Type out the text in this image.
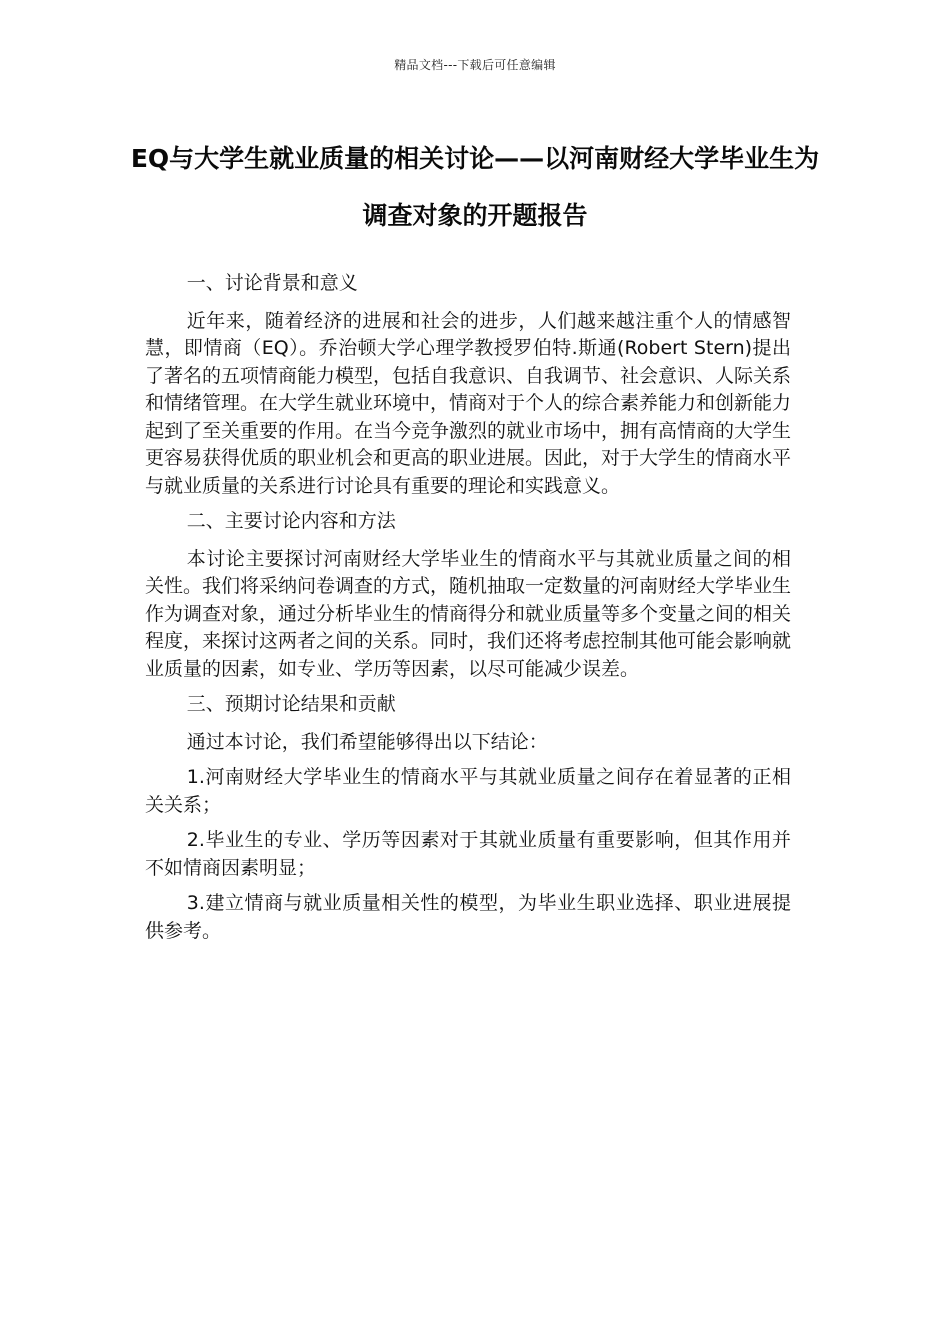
精品文档---下载后可任意编辑
EQ与大学生就业质量的相关讨论——以河南财经大学毕业生为调查对象的开题报告

一、讨论背景和意义

近年来，随着经济的进展和社会的进步，人们越来越注重个人的情感智慧，即情商（EQ）。乔治顿大学心理学教授罗伯特.斯通(Robert Stern)提出了著名的五项情商能力模型，包括自我意识、自我调节、社会意识、人际关系和情绪管理。在大学生就业环境中，情商对于个人的综合素养能力和创新能力起到了至关重要的作用。在当今竞争激烈的就业市场中，拥有高情商的大学生更容易获得优质的职业机会和更高的职业进展。因此，对于大学生的情商水平与就业质量的关系进行讨论具有重要的理论和实践意义。

二、主要讨论内容和方法

本讨论主要探讨河南财经大学毕业生的情商水平与其就业质量之间的相关性。我们将采纳问卷调查的方式，随机抽取一定数量的河南财经大学毕业生作为调查对象，通过分析毕业生的情商得分和就业质量等多个变量之间的相关程度，来探讨这两者之间的关系。同时，我们还将考虑控制其他可能会影响就业质量的因素，如专业、学历等因素，以尽可能减少误差。

三、预期讨论结果和贡献

通过本讨论，我们希望能够得出以下结论：

1.河南财经大学毕业生的情商水平与其就业质量之间存在着显著的正相关关系；

2.毕业生的专业、学历等因素对于其就业质量有重要影响，但其作用并不如情商因素明显；

3.建立情商与就业质量相关性的模型，为毕业生职业选择、职业进展提供参考。
